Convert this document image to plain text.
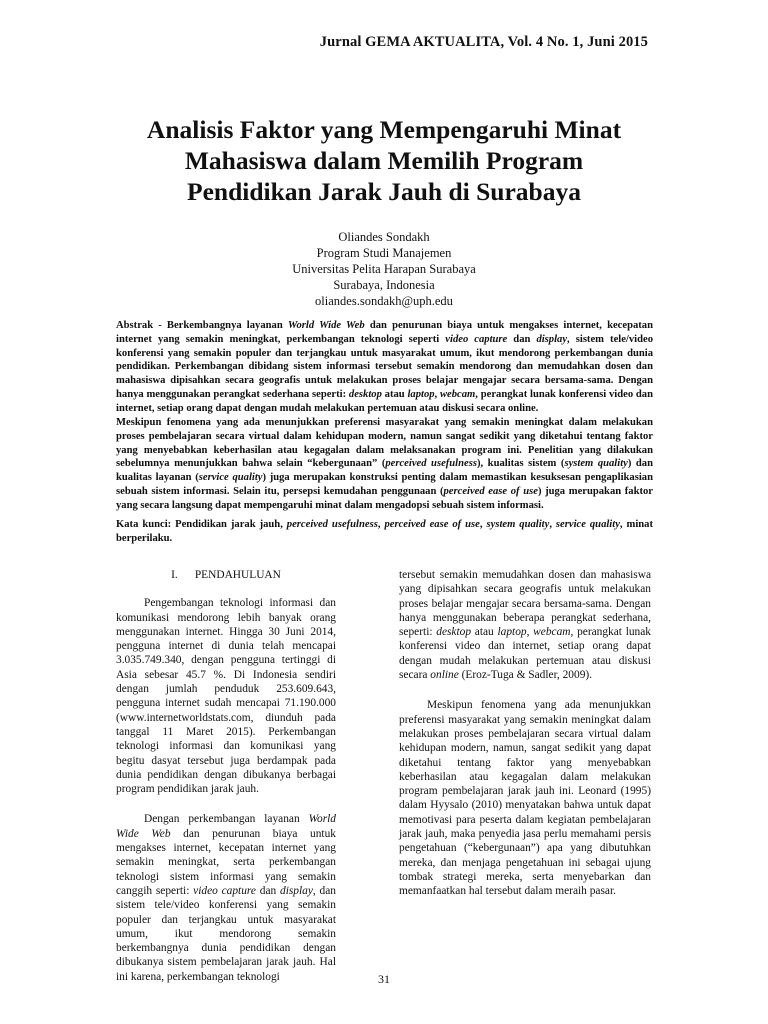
Jurnal GEMA AKTUALITA, Vol. 4 No. 1, Juni 2015
Analisis Faktor yang Mempengaruhi Minat
Mahasiswa dalam Memilih Program
Pendidikan Jarak Jauh di Surabaya
Oliandes Sondakh
Program Studi Manajemen
Universitas Pelita Harapan Surabaya
Surabaya, Indonesia
oliandes.sondakh@uph.edu
Abstrak - Berkembangnya layanan World Wide Web dan penurunan biaya untuk mengakses internet, kecepatan internet yang semakin meningkat, perkembangan teknologi seperti video capture dan display, sistem tele/video konferensi yang semakin populer dan terjangkau untuk masyarakat umum, ikut mendorong perkembangan dunia pendidikan. Perkembangan dibidang sistem informasi tersebut semakin mendorong dan memudahkan dosen dan mahasiswa dipisahkan secara geografis untuk melakukan proses belajar mengajar secara bersama-sama. Dengan hanya menggunakan perangkat sederhana seperti: desktop atau laptop, webcam, perangkat lunak konferensi video dan internet, setiap orang dapat dengan mudah melakukan pertemuan atau diskusi secara online.
Meskipun fenomena yang ada menunjukkan preferensi masyarakat yang semakin meningkat dalam melakukan proses pembelajaran secara virtual dalam kehidupan modern, namun sangat sedikit yang diketahui tentang faktor yang menyebabkan keberhasilan atau kegagalan dalam melaksanakan program ini. Penelitian yang dilakukan sebelumnya menunjukkan bahwa selain “kebergunaan” (perceived usefulness), kualitas sistem (system quality) dan kualitas layanan (service quality) juga merupakan konstruksi penting dalam memastikan kesuksesan pengaplikasian sebuah sistem informasi. Selain itu, persepsi kemudahan penggunaan (perceived ease of use) juga merupakan faktor yang secara langsung dapat mempengaruhi minat dalam mengadopsi sebuah sistem informasi.
Kata kunci: Pendidikan jarak jauh, perceived usefulness, perceived ease of use, system quality, service quality, minat berperilaku.
I.      PENDAHULUAN

Pengembangan teknologi informasi dan komunikasi mendorong lebih banyak orang menggunakan internet. Hingga 30 Juni 2014, pengguna internet di dunia telah mencapai 3.035.749.340, dengan pengguna tertinggi di Asia sebesar 45.7 %. Di Indonesia sendiri dengan jumlah penduduk 253.609.643, pengguna internet sudah mencapai 71.190.000 (www.internetworldstats.com, diunduh pada tanggal 11 Maret 2015). Perkembangan teknologi informasi dan komunikasi yang begitu dasyat tersebut juga berdampak pada dunia pendidikan dengan dibukanya berbagai program pendidikan jarak jauh.

Dengan perkembangan layanan World Wide Web dan penurunan biaya untuk mengakses internet, kecepatan internet yang semakin meningkat, serta perkembangan teknologi sistem informasi yang semakin canggih seperti: video capture dan display, dan sistem tele/video konferensi yang semakin populer dan terjangkau untuk masyarakat umum, ikut mendorong semakin berkembangnya dunia pendidikan dengan dibukanya sistem pembelajaran jarak jauh. Hal ini karena, perkembangan teknologi

tersebut semakin memudahkan dosen dan mahasiswa yang dipisahkan secara geografis untuk melakukan proses belajar mengajar secara bersama-sama. Dengan hanya menggunakan beberapa perangkat sederhana, seperti: desktop atau laptop, webcam, perangkat lunak konferensi video dan internet, setiap orang dapat dengan mudah melakukan pertemuan atau diskusi secara online (Eroz-Tuga & Sadler, 2009).

Meskipun fenomena yang ada menunjukkan preferensi masyarakat yang semakin meningkat dalam melakukan proses pembelajaran secara virtual dalam kehidupan modern, namun, sangat sedikit yang dapat diketahui tentang faktor yang menyebabkan keberhasilan atau kegagalan dalam melakukan program pembelajaran jarak jauh ini. Leonard (1995) dalam Hyysalo (2010) menyatakan bahwa untuk dapat memotivasi para peserta dalam kegiatan pembelajaran jarak jauh, maka penyedia jasa perlu memahami persis pengetahuan (“kebergunaan”) apa yang dibutuhkan mereka, dan menjaga pengetahuan ini sebagai ujung tombak strategi mereka, serta menyebarkan dan memanfaatkan hal tersebut dalam meraih pasar.

31
